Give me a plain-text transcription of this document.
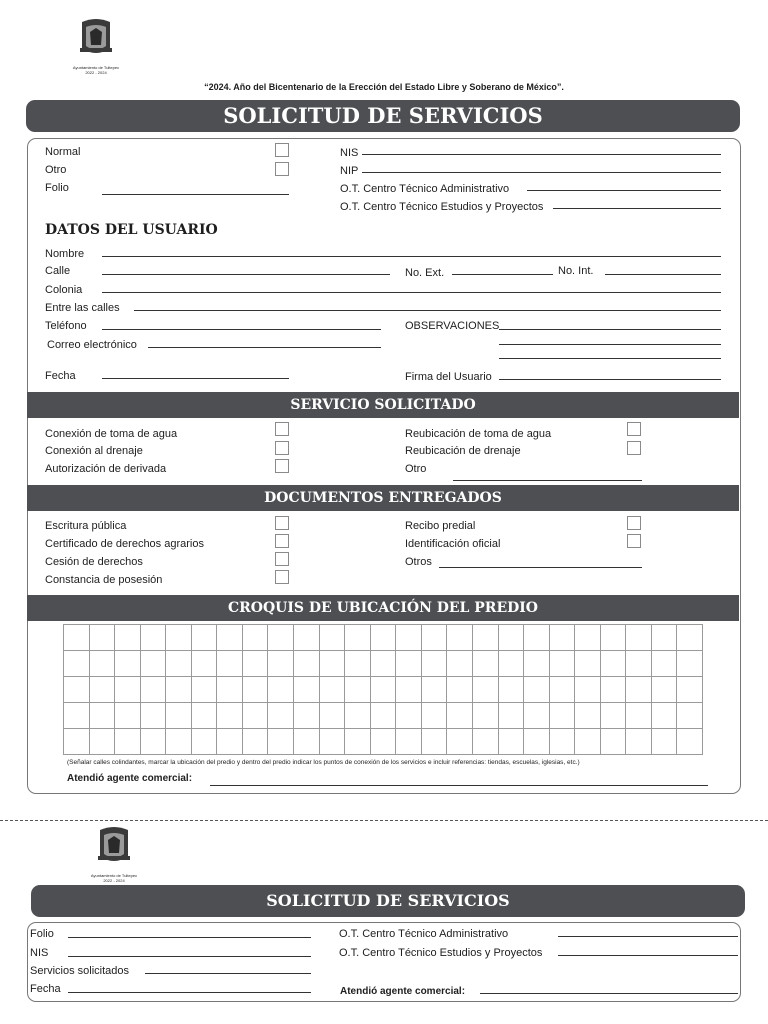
Ayuntamiento de Tultepec
2022 - 2024
“2024. Año del Bicentenario de la Erección del Estado Libre y Soberano de México”.
SOLICITUD DE SERVICIOS
Normal
Otro
Folio
NIS
NIP
O.T. Centro Técnico Administrativo
O.T. Centro Técnico Estudios y Proyectos
DATOS DEL USUARIO
Nombre
Calle	No. Ext.	No. Int.
Colonia
Entre las calles
Teléfono	OBSERVACIONES
Correo electrónico
Fecha	Firma del Usuario
SERVICIO SOLICITADO
Conexión de toma de agua
Conexión al drenaje
Autorización de derivada
Reubicación de toma de agua
Reubicación de drenaje
Otro
DOCUMENTOS ENTREGADOS
Escritura pública
Certificado de derechos agrarios
Cesión de derechos
Constancia de posesión
Recibo predial
Identificación oficial
Otros
CROQUIS DE UBICACIÓN DEL PREDIO
(Señalar calles colindantes, marcar la ubicación del predio y dentro del predio indicar los puntos de conexión de los servicios e incluir referencias: tiendas, escuelas, iglesias, etc.)
Atendió agente comercial:
Ayuntamiento de Tultepec
2022 - 2024
SOLICITUD DE SERVICIOS
Folio
NIS
Servicios solicitados
Fecha
O.T. Centro Técnico Administrativo
O.T. Centro Técnico Estudios y Proyectos
Atendió agente comercial:
